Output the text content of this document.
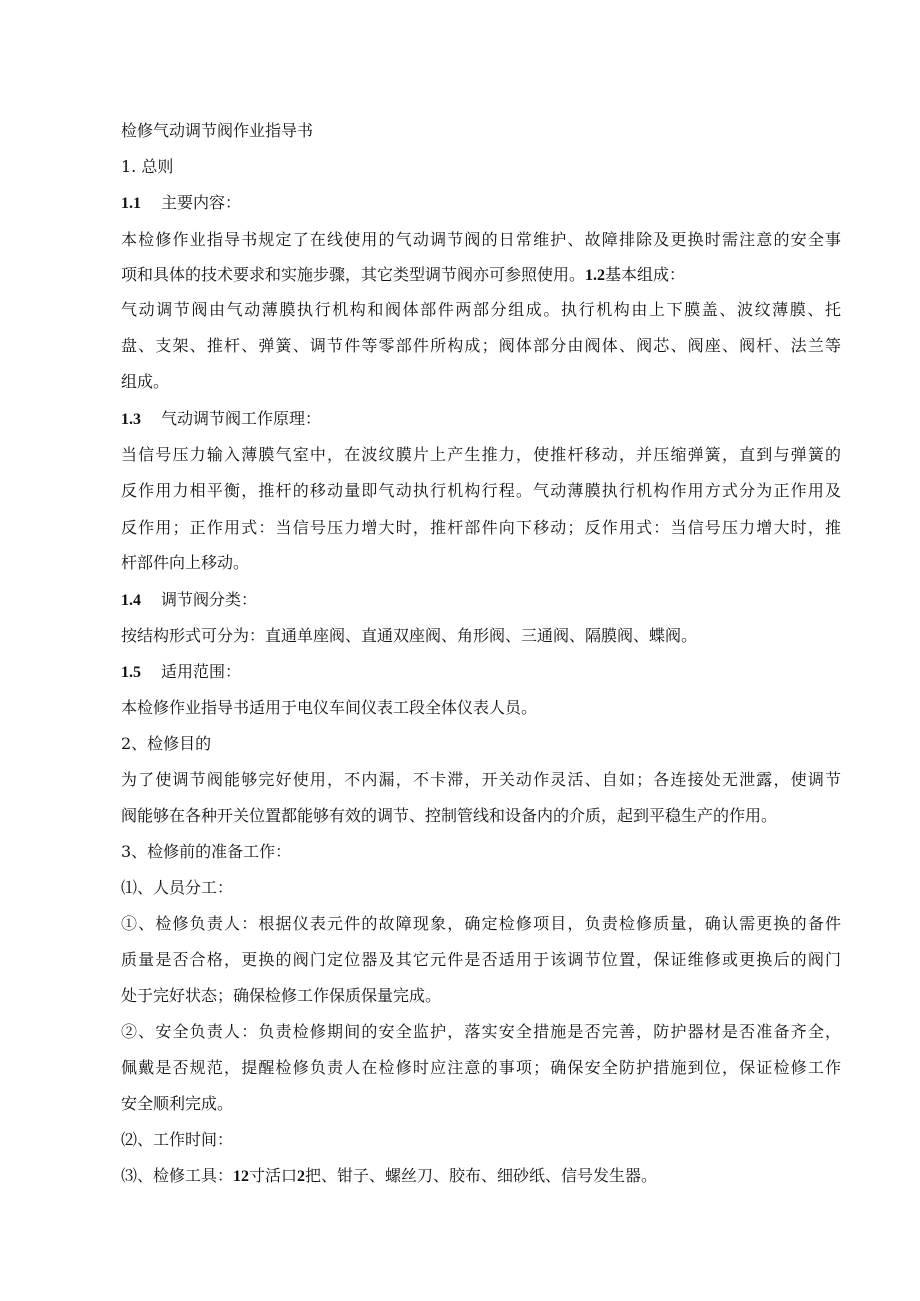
检修气动调节阀作业指导书
1. 总则
1.1 主要内容：
本检修作业指导书规定了在线使用的气动调节阀的日常维护、故障排除及更换时需注意的安全事
项和具体的技术要求和实施步骤，其它类型调节阀亦可参照使用。1.2基本组成：
气动调节阀由气动薄膜执行机构和阀体部件两部分组成。执行机构由上下膜盖、波纹薄膜、托
盘、支架、推杆、弹簧、调节件等零部件所构成；阀体部分由阀体、阀芯、阀座、阀杆、法兰等
组成。
1.3 气动调节阀工作原理：
当信号压力输入薄膜气室中，在波纹膜片上产生推力，使推杆移动，并压缩弹簧，直到与弹簧的
反作用力相平衡，推杆的移动量即气动执行机构行程。气动薄膜执行机构作用方式分为正作用及
反作用；正作用式：当信号压力增大时，推杆部件向下移动；反作用式：当信号压力增大时，推
杆部件向上移动。
1.4 调节阀分类：
按结构形式可分为：直通单座阀、直通双座阀、角形阀、三通阀、隔膜阀、蝶阀。
1.5 适用范围：
本检修作业指导书适用于电仪车间仪表工段全体仪表人员。
2、检修目的
为了使调节阀能够完好使用，不内漏，不卡滞，开关动作灵活、自如；各连接处无泄露，使调节
阀能够在各种开关位置都能够有效的调节、控制管线和设备内的介质，起到平稳生产的作用。
3、检修前的准备工作：
⑴、人员分工：
①、检修负责人：根据仪表元件的故障现象，确定检修项目，负责检修质量，确认需更换的备件
质量是否合格，更换的阀门定位器及其它元件是否适用于该调节位置，保证维修或更换后的阀门
处于完好状态；确保检修工作保质保量完成。
②、安全负责人：负责检修期间的安全监护，落实安全措施是否完善，防护器材是否准备齐全，
佩戴是否规范，提醒检修负责人在检修时应注意的事项；确保安全防护措施到位，保证检修工作
安全顺利完成。
⑵、工作时间：
⑶、检修工具：12寸活口2把、钳子、螺丝刀、胶布、细砂纸、信号发生器。
